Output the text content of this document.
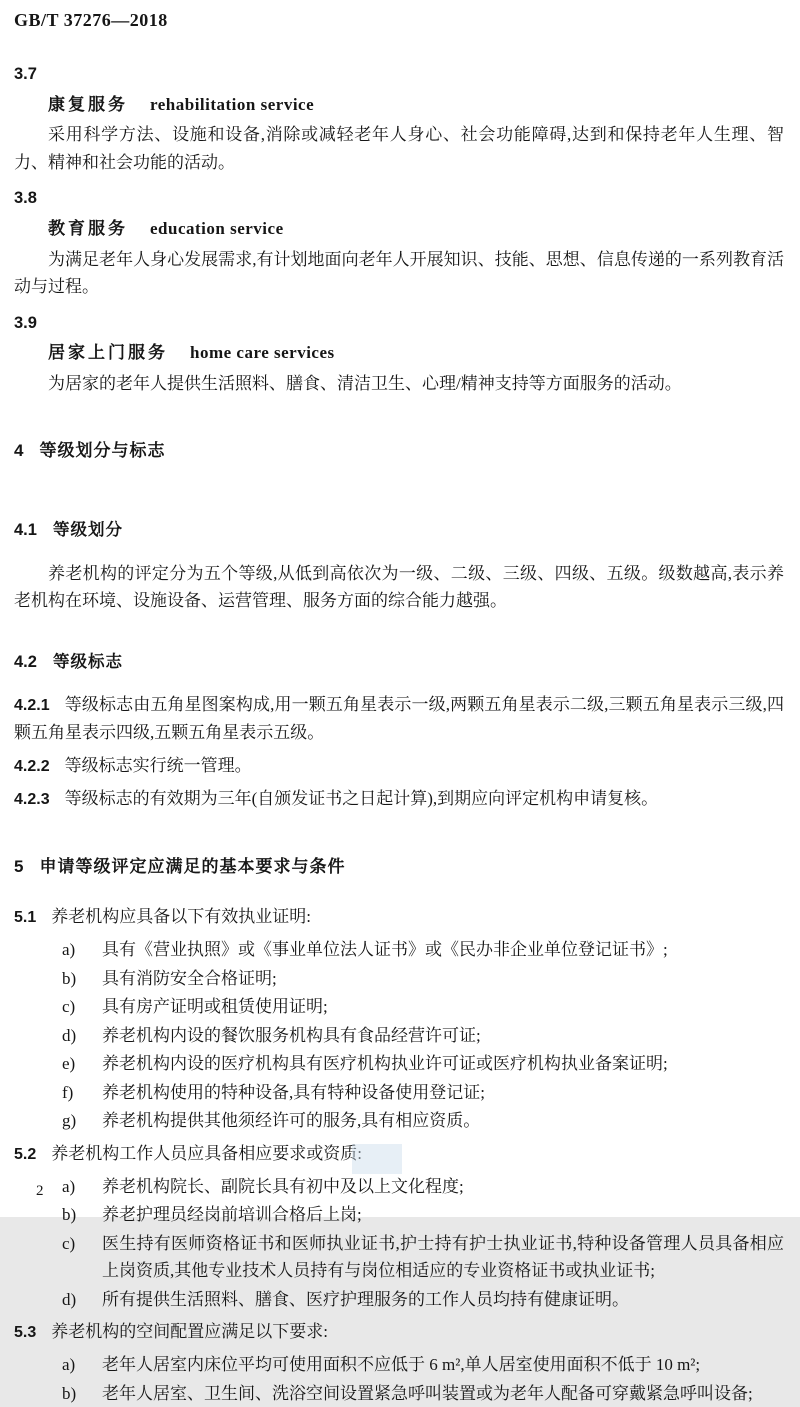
GB/T 37276—2018
3.7
康复服务 rehabilitation service

采用科学方法、设施和设备,消除或减轻老年人身心、社会功能障碍,达到和保持老年人生理、智力、精神和社会功能的活动。

3.8
教育服务 education service

为满足老年人身心发展需求,有计划地面向老年人开展知识、技能、思想、信息传递的一系列教育活动与过程。

3.9
居家上门服务 home care services

为居家的老年人提供生活照料、膳食、清洁卫生、心理/精神支持等方面服务的活动。

4 等级划分与标志
4.1 等级划分

养老机构的评定分为五个等级,从低到高依次为一级、二级、三级、四级、五级。级数越高,表示养老机构在环境、设施设备、运营管理、服务方面的综合能力越强。

4.2 等级标志

4.2.1 等级标志由五角星图案构成,用一颗五角星表示一级,两颗五角星表示二级,三颗五角星表示三级,四颗五角星表示四级,五颗五角星表示五级。

4.2.2 等级标志实行统一管理。

4.2.3 等级标志的有效期为三年(自颁发证书之日起计算),到期应向评定机构申请复核。

5 申请等级评定应满足的基本要求与条件

5.1 养老机构应具备以下有效执业证明:

a)	具有《营业执照》或《事业单位法人证书》或《民办非企业单位登记证书》;
b)	具有消防安全合格证明;
c)	具有房产证明或租赁使用证明;
d)	养老机构内设的餐饮服务机构具有食品经营许可证;
e)	养老机构内设的医疗机构具有医疗机构执业许可证或医疗机构执业备案证明;
f)	养老机构使用的特种设备,具有特种设备使用登记证;
g)	养老机构提供其他须经许可的服务,具有相应资质。

5.2 养老机构工作人员应具备相应要求或资质:

a)	养老机构院长、副院长具有初中及以上文化程度;
b)	养老护理员经岗前培训合格后上岗;
c)	医生持有医师资格证书和医师执业证书,护士持有护士执业证书,特种设备管理人员具备相应上岗资质,其他专业技术人员持有与岗位相适应的专业资格证书或执业证书;
d)	所有提供生活照料、膳食、医疗护理服务的工作人员均持有健康证明。

5.3 养老机构的空间配置应满足以下要求:

a)	老年人居室内床位平均可使用面积不应低于 6 m²,单人居室使用面积不低于 10 m²;
b)	老年人居室、卫生间、洗浴空间设置紧急呼叫装置或为老年人配备可穿戴紧急呼叫设备;
2
